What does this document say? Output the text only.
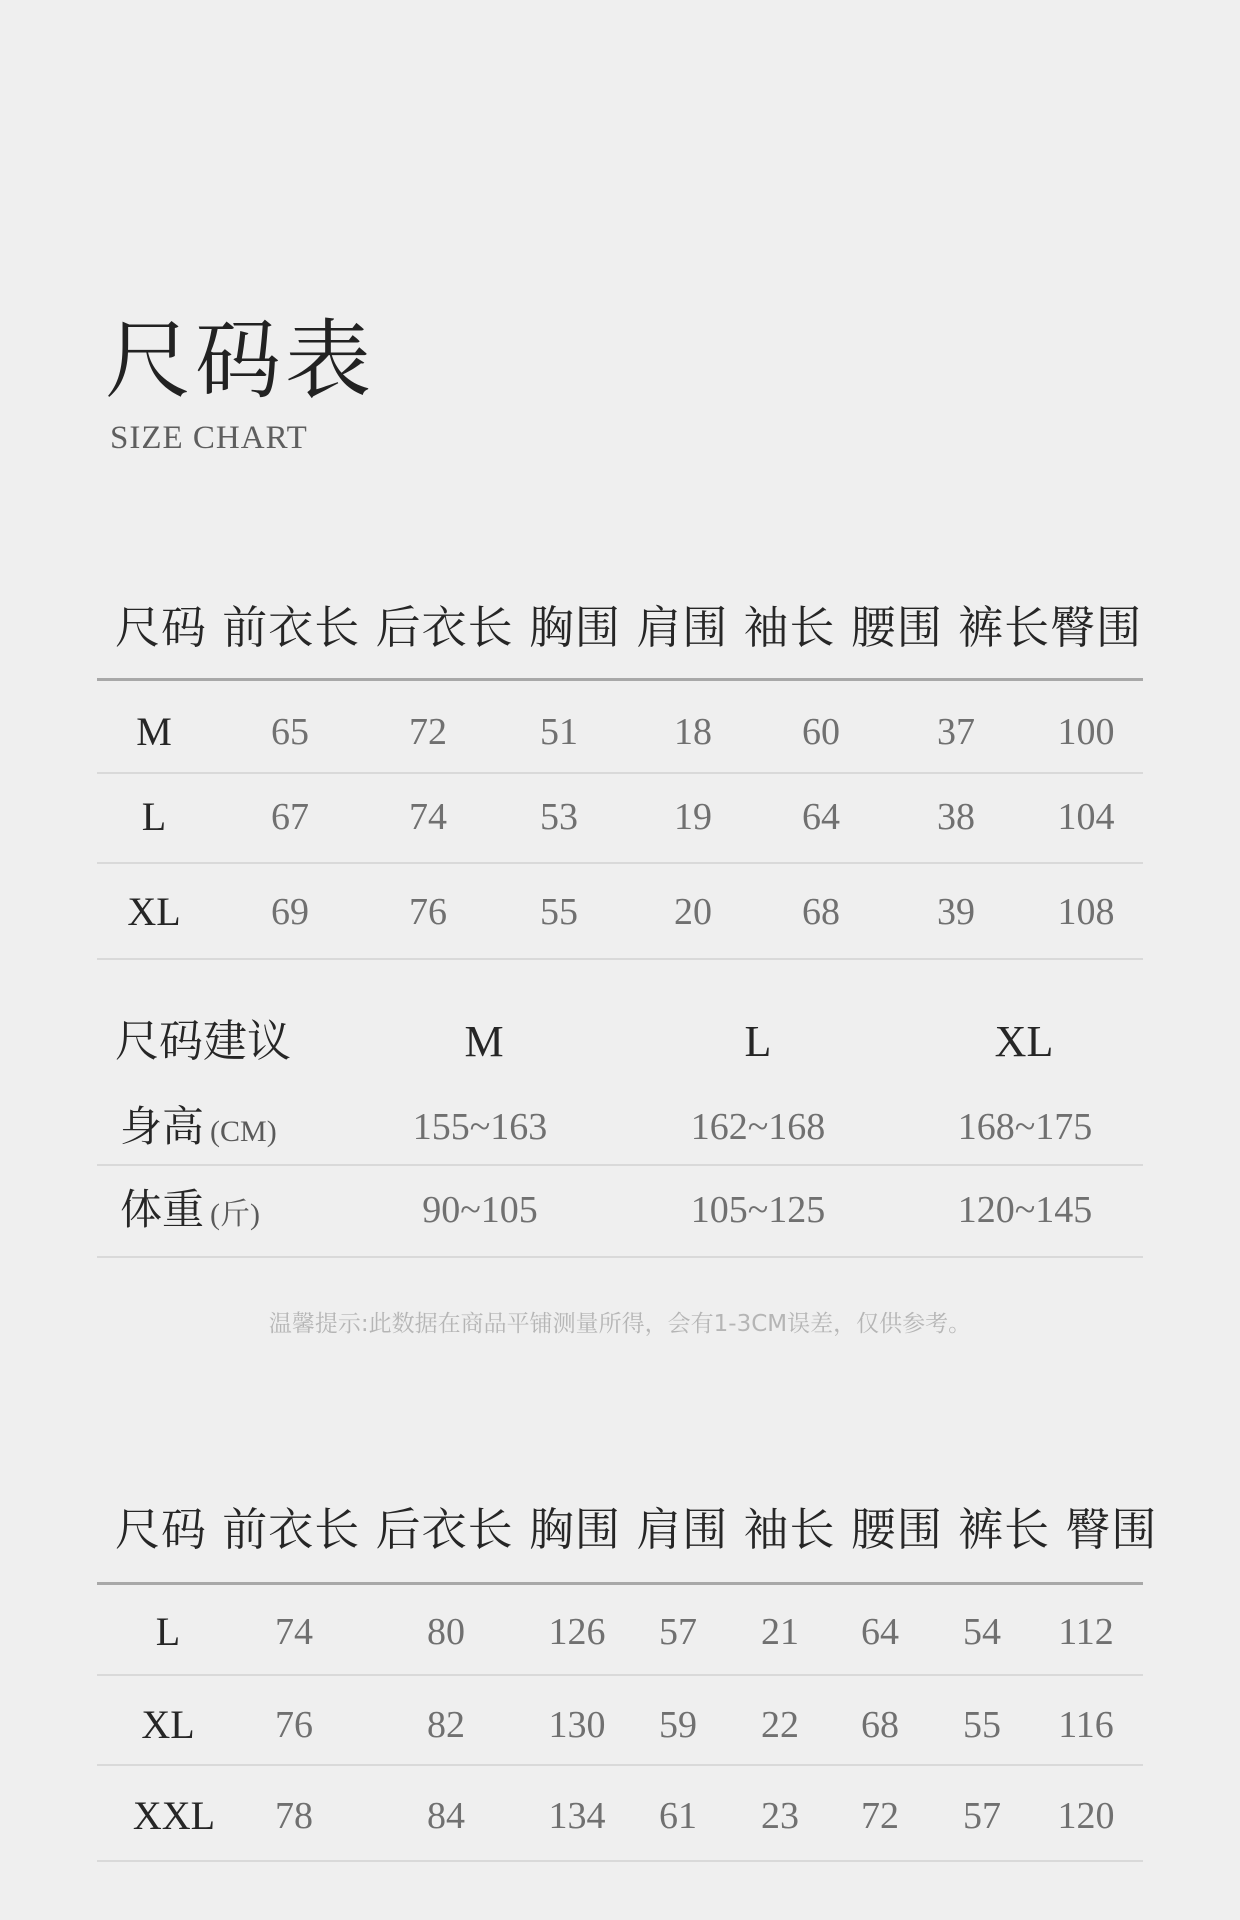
尺码表
SIZE CHART
尺码 前衣长 后衣长 胸围 肩围 袖长 腰围 裤长臀围
M	65	72 51	18 60	37 100
L	67	74 53	19 64	38 104
XL 69	76 55	20 68	39 108
尺码建议	M	L	XL
身高 (CM)	155~163	162~168	168~175
体重 (斤)	90~105	105~125	120~145
温馨提示:此数据在商品平铺测量所得，会有1-3CM误差，仅供参考。
尺码 前衣长 后衣长 胸围 肩围 袖长 腰围 裤长 臀围
L 74	80 126 57 21 64 54 112
XL 76	82 130 59 22 68 55 116
XXL 78	84 134 61 23 72 57 120
